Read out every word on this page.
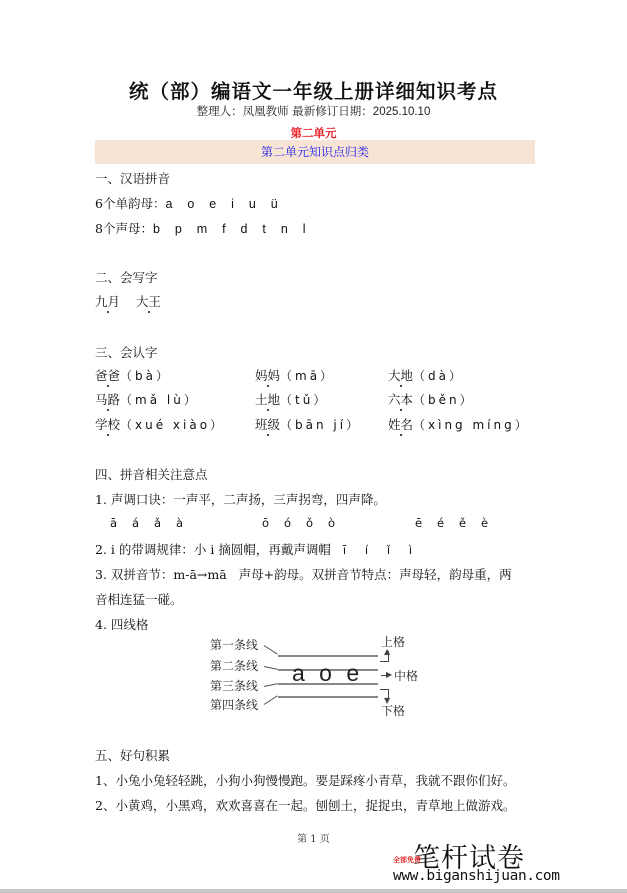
统（部）编语文一年级上册详细知识考点
整理人：凤凰教师 最新修订日期：2025.10.10
第二单元
第二单元知识点归类
一、汉语拼音
6个单韵母：a  o  e  i  u  ü
8个声母：b  p  m  f  d  t  n  l
二、会写字
九月 大王
三、会认字
爸爸（bà）	妈妈（mā）	大地（dà）
马路（mǎ lù）	土地（tǔ）	六本（běn）
学校（xué xiào） 班级（bān jí） 姓名（xìng míng）
四、拼音相关注意点
1. 声调口诀：一声平，二声扬，三声拐弯，四声降。
ā á ǎ à	ō ó ǒ ò	ē é ě è
2. i 的带调规律：小 i 摘圆帽，再戴声调帽 ī í ǐ ì
3. 双拼音节：m-ā→mā   声母+韵母。双拼音节特点：声母轻，韵母重，两
音相连猛一碰。
4. 四线格
第一条线
第二条线
第三条线
第四条线
a o e
▲
上格
▶ 中格
▼
下格
五、好句积累
1、小兔小兔轻轻跳，小狗小狗慢慢跑。要是踩疼小青草，我就不跟你们好。
2、小黄鸡，小黑鸡，欢欢喜喜在一起。刨刨土，捉捉虫，青草地上做游戏。
第 1 页
笔杆试卷
全部免费
www.biganshijuan.com
